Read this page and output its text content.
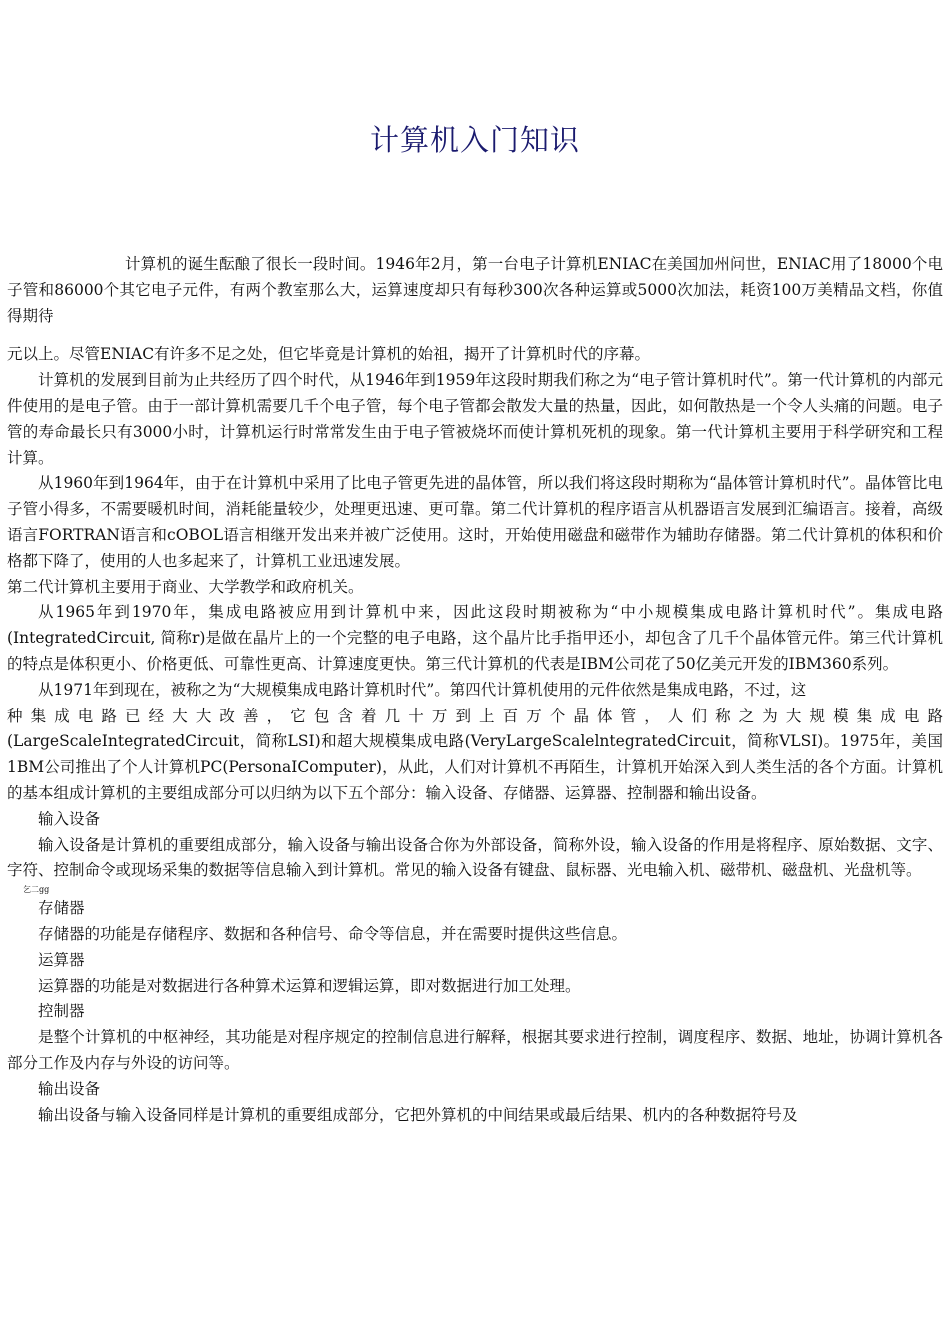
计算机入门知识

计算机的诞生酝酿了很长一段时间。1946年2月，第一台电子计算机ENIAC在美国加州问世，ENIAC用了18000个电子管和86000个其它电子元件，有两个教室那么大，运算速度却只有每秒300次各种运算或5000次加法，耗资100万美精品文档，你值得期待

元以上。尽管ENIAC有许多不足之处，但它毕竟是计算机的始祖，揭开了计算机时代的序幕。

计算机的发展到目前为止共经历了四个时代，从1946年到1959年这段时期我们称之为“电子管计算机时代”。第一代计算机的内部元件使用的是电子管。由于一部计算机需要几千个电子管，每个电子管都会散发大量的热量，因此，如何散热是一个令人头痛的问题。电子管的寿命最长只有3000小时，计算机运行时常常发生由于电子管被烧坏而使计算机死机的现象。第一代计算机主要用于科学研究和工程计算。

从1960年到1964年，由于在计算机中采用了比电子管更先进的晶体管，所以我们将这段时期称为“晶体管计算机时代”。晶体管比电子管小得多，不需要暖机时间，消耗能量较少，处理更迅速、更可靠。第二代计算机的程序语言从机器语言发展到汇编语言。接着，高级语言FORTRAN语言和cOBOL语言相继开发出来并被广泛使用。这时，开始使用磁盘和磁带作为辅助存储器。第二代计算机的体积和价格都下降了，使用的人也多起来了，计算机工业迅速发展。

第二代计算机主要用于商业、大学教学和政府机关。

从1965年到1970年，集成电路被应用到计算机中来，因此这段时期被称为“中小规模集成电路计算机时代”。集成电路(IntegratedCircuit, 简称r)是做在晶片上的一个完整的电子电路，这个晶片比手指甲还小，却包含了几千个晶体管元件。第三代计算机的特点是体积更小、价格更低、可靠性更高、计算速度更快。第三代计算机的代表是IBM公司花了50亿美元开发的IBM360系列。

从1971年到现在，被称之为“大规模集成电路计算机时代”。第四代计算机使用的元件依然是集成电路，不过，这

种集成电路已经大大改善，它包含着几十万到上百万个晶体管，人们称之为大规模集成电路

(LargeScaleIntegratedCircuit，简称LSI)和超大规模集成电路(VeryLargeScalelntegratedCircuit，简称VLSI)。1975年，美国1BM公司推出了个人计算机PC(PersonaIComputer)，从此，人们对计算机不再陌生，计算机开始深入到人类生活的各个方面。计算机的基本组成计算机的主要组成部分可以归纳为以下五个部分：输入设备、存储器、运算器、控制器和输出设备。

输入设备

输入设备是计算机的重要组成部分，输入设备与输出设备合你为外部设备，简称外设，输入设备的作用是将程序、原始数据、文字、字符、控制命令或现场采集的数据等信息输入到计算机。常见的输入设备有键盘、鼠标器、光电输入机、磁带机、磁盘机、光盘机等。

乞二gg

存储器

存储器的功能是存储程序、数据和各种信号、命令等信息，并在需要时提供这些信息。

运算器

运算器的功能是对数据进行各种算术运算和逻辑运算，即对数据进行加工处理。

控制器

是整个计算机的中枢神经，其功能是对程序规定的控制信息进行解释，根据其要求进行控制，调度程序、数据、地址，协调计算机各部分工作及内存与外设的访问等。

输出设备

输出设备与输入设备同样是计算机的重要组成部分，它把外算机的中间结果或最后结果、机内的各种数据符号及
